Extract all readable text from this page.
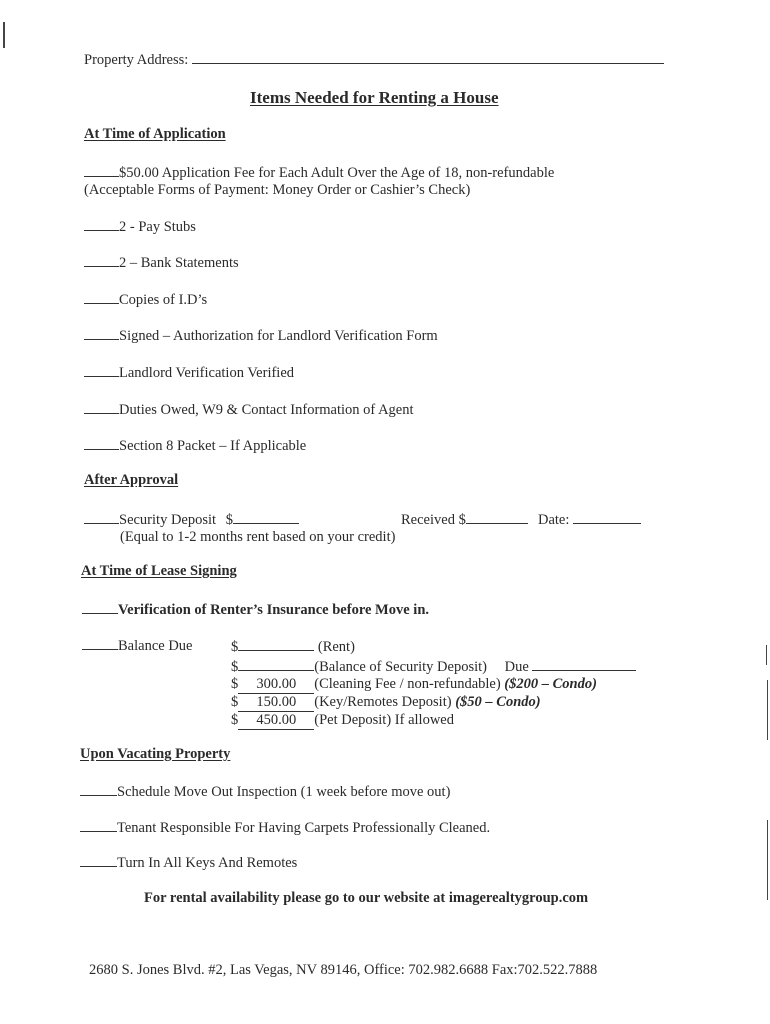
Property Address:
Items Needed for Renting a House
At Time of Application
$50.00 Application Fee for Each Adult Over the Age of 18, non-refundable
(Acceptable Forms of Payment: Money Order or Cashier’s Check)
2 - Pay Stubs
2 – Bank Statements
Copies of I.D’s
Signed – Authorization for Landlord Verification Form
Landlord Verification Verified
Duties Owed, W9 & Contact Information of Agent
Section 8 Packet – If Applicable
After Approval
Security Deposit $	Received $	Date:
(Equal to 1-2 months rent based on your credit)
At Time of Lease Signing
Verification of Renter’s Insurance before Move in.
Balance Due	$	(Rent)
$	(Balance of Security Deposit) Due
$ 300.00 (Cleaning Fee / non-refundable) ($200 – Condo)
$ 150.00 (Key/Remotes Deposit) ($50 – Condo)
$ 450.00 (Pet Deposit) If allowed
Upon Vacating Property
Schedule Move Out Inspection (1 week before move out)
Tenant Responsible For Having Carpets Professionally Cleaned.
Turn In All Keys And Remotes
For rental availability please go to our website at imagerealtygroup.com
2680 S. Jones Blvd. #2, Las Vegas, NV 89146, Office: 702.982.6688 Fax:702.522.7888
